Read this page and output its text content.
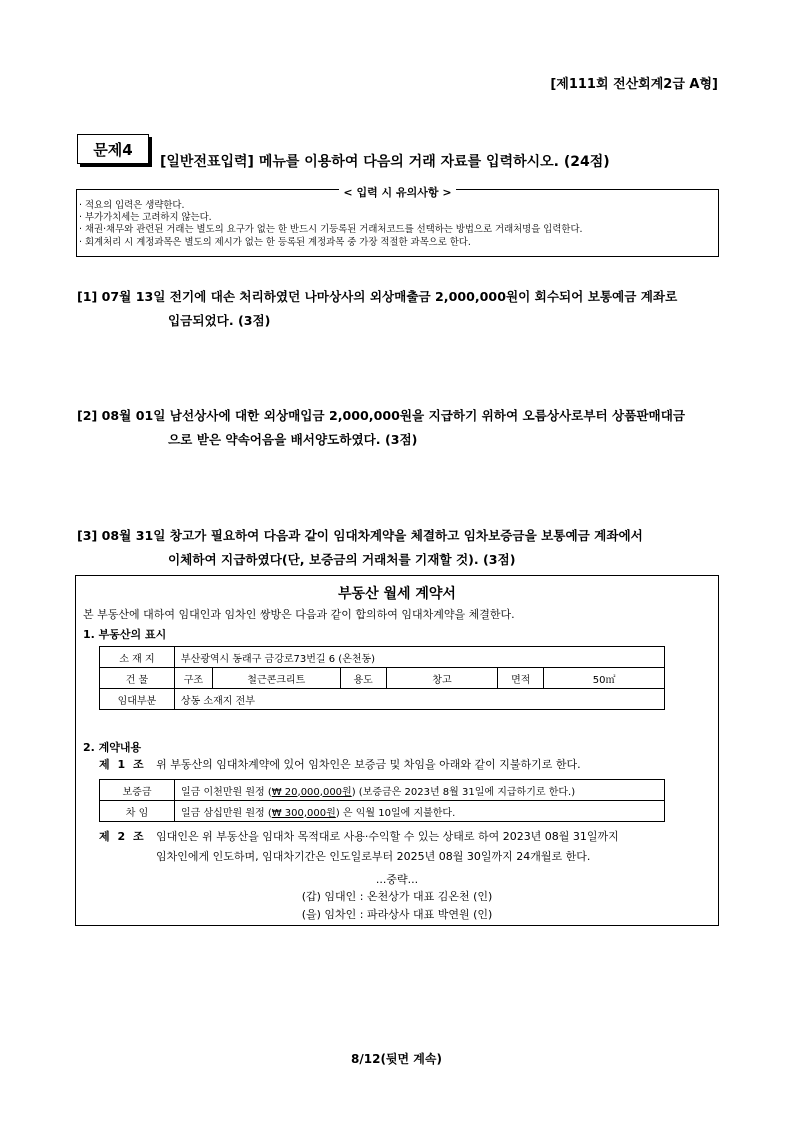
[제111회 전산회계2급 A형]
문제4
[일반전표입력] 메뉴를 이용하여 다음의 거래 자료를 입력하시오. (24점)
< 입력 시 유의사항 >
· 적요의 입력은 생략한다.
· 부가가치세는 고려하지 않는다.
· 채권·채무와 관련된 거래는 별도의 요구가 없는 한 반드시 기등록된 거래처코드를 선택하는 방법으로 거래처명을 입력한다.
· 회계처리 시 계정과목은 별도의 제시가 없는 한 등록된 계정과목 중 가장 적절한 과목으로 한다.
[1] 07월 13일 전기에 대손 처리하였던 나마상사의 외상매출금 2,000,000원이 회수되어 보통예금 계좌로
입금되었다. (3점)
[2] 08월 01일 남선상사에 대한 외상매입금 2,000,000원을 지급하기 위하여 오름상사로부터 상품판매대금
으로 받은 약속어음을 배서양도하였다. (3점)
[3] 08월 31일 창고가 필요하여 다음과 같이 임대차계약을 체결하고 임차보증금을 보통예금 계좌에서
이체하여 지급하였다(단, 보증금의 거래처를 기재할 것). (3점)
부동산 월세 계약서
본 부동산에 대하여 임대인과 임차인 쌍방은 다음과 같이 합의하여 임대차계약을 체결한다.
1. 부동산의 표시
소 재 지	부산광역시 동래구 금강로73번길 6 (온천동)					
건 물	구조	철근콘크리트	용도	창고	면적	50㎡
임대부분	상동 소재지 전부					
2. 계약내용
제 1 조 위 부동산의 임대차계약에 있어 임차인은 보증금 및 차임을 아래와 같이 지불하기로 한다.
보증금	일금 이천만원 원정 (₩ 20,000,000원) (보증금은 2023년 8월 31일에 지급하기로 한다.)
차 임	일금 삼십만원 원정 (₩ 300,000원) 은 익월 10일에 지불한다.
제 2 조 임대인은 위 부동산을 임대차 목적대로 사용·수익할 수 있는 상태로 하여 2023년 08월 31일까지
임차인에게 인도하며, 임대차기간은 인도일로부터 2025년 08월 30일까지 24개월로 한다.
...중략...
(갑) 임대인 : 온천상가 대표 김온천 (인)
(을) 임차인 : 파라상사 대표 박연원 (인)
8/12(뒷면 계속)
